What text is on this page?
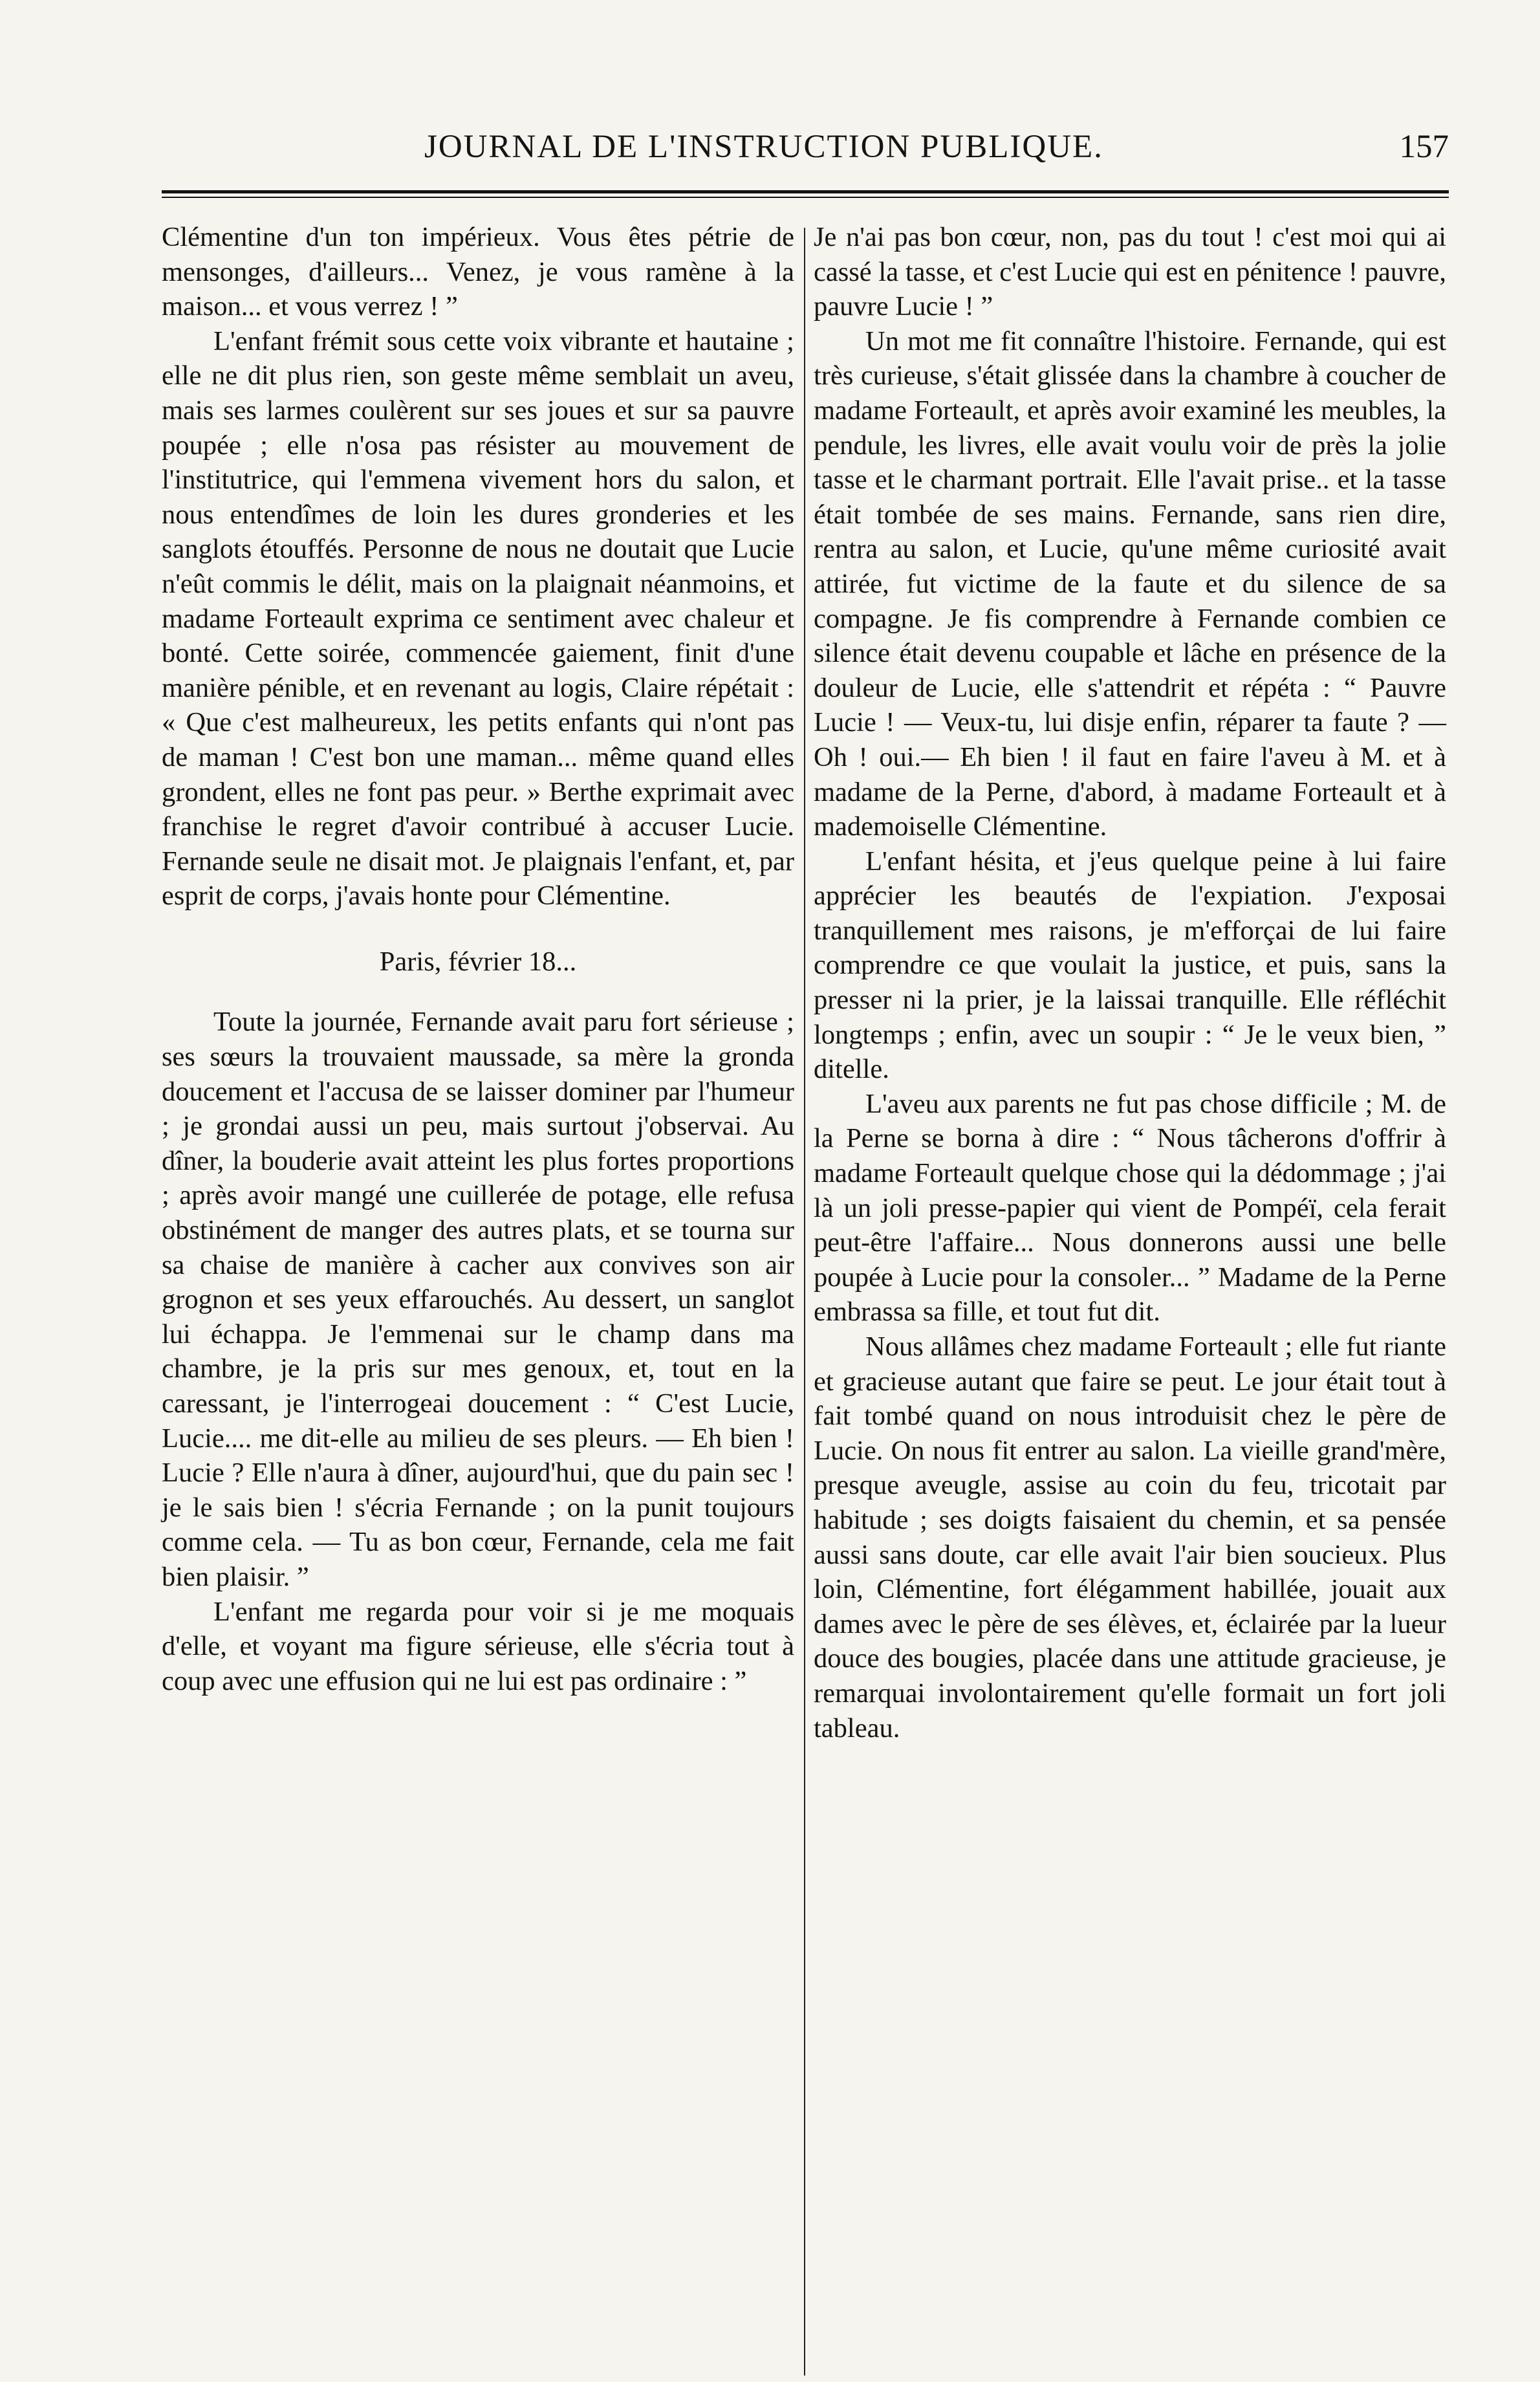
JOURNAL DE L'INSTRUCTION PUBLIQUE.	157

Clémentine d'un ton impérieux. Vous êtes pétrie de mensonges, d'ailleurs... Venez, je vous ramène à la maison... et vous verrez ! ”

L'enfant frémit sous cette voix vibrante et hautaine ; elle ne dit plus rien, son geste même semblait un aveu, mais ses larmes coulèrent sur ses joues et sur sa pauvre poupée ; elle n'osa pas résister au mouvement de l'institutrice, qui l'emmena vivement hors du salon, et nous entendîmes de loin les dures gronderies et les sanglots étouffés. Personne de nous ne doutait que Lucie n'eût commis le délit, mais on la plaignait néanmoins, et madame Forteault exprima ce sentiment avec chaleur et bonté. Cette soirée, commencée gaiement, finit d'une manière pénible, et en revenant au logis, Claire répétait : « Que c'est malheureux, les petits enfants qui n'ont pas de maman ! C'est bon une maman... même quand elles grondent, elles ne font pas peur. » Berthe exprimait avec franchise le regret d'avoir contribué à accuser Lucie. Fernande seule ne disait mot. Je plaignais l'enfant, et, par esprit de corps, j'avais honte pour Clémentine.

Paris, février 18...

Toute la journée, Fernande avait paru fort sérieuse ; ses sœurs la trouvaient maussade, sa mère la gronda doucement et l'accusa de se laisser dominer par l'humeur ; je grondai aussi un peu, mais surtout j'observai. Au dîner, la bouderie avait atteint les plus fortes proportions ; après avoir mangé une cuillerée de potage, elle refusa obstinément de manger des autres plats, et se tourna sur sa chaise de manière à cacher aux convives son air grognon et ses yeux effarouchés. Au dessert, un sanglot lui échappa. Je l'emmenai sur le champ dans ma chambre, je la pris sur mes genoux, et, tout en la caressant, je l'interrogeai doucement : “ C'est Lucie, Lucie.... me dit-elle au milieu de ses pleurs. — Eh bien ! Lucie ? Elle n'aura à dîner, aujourd'hui, que du pain sec ! je le sais bien ! s'écria Fernande ; on la punit toujours comme cela. — Tu as bon cœur, Fernande, cela me fait bien plaisir. ”

L'enfant me regarda pour voir si je me moquais d'elle, et voyant ma figure sérieuse, elle s'écria tout à coup avec une effusion qui ne lui est pas ordinaire : ”

Je n'ai pas bon cœur, non, pas du tout ! c'est moi qui ai cassé la tasse, et c'est Lucie qui est en pénitence ! pauvre, pauvre Lucie ! ”

Un mot me fit connaître l'histoire. Fernande, qui est très curieuse, s'était glissée dans la chambre à coucher de madame Forteault, et après avoir examiné les meubles, la pendule, les livres, elle avait voulu voir de près la jolie tasse et le charmant portrait. Elle l'avait prise.. et la tasse était tombée de ses mains. Fernande, sans rien dire, rentra au salon, et Lucie, qu'une même curiosité avait attirée, fut victime de la faute et du silence de sa compagne. Je fis comprendre à Fernande combien ce silence était devenu coupable et lâche en présence de la douleur de Lucie, elle s'attendrit et répéta : “ Pauvre Lucie ! — Veux-tu, lui disje enfin, réparer ta faute ? — Oh ! oui.— Eh bien ! il faut en faire l'aveu à M. et à madame de la Perne, d'abord, à madame Forteault et à mademoiselle Clémentine.

L'enfant hésita, et j'eus quelque peine à lui faire apprécier les beautés de l'expiation. J'exposai tranquillement mes raisons, je m'efforçai de lui faire comprendre ce que voulait la justice, et puis, sans la presser ni la prier, je la laissai tranquille. Elle réfléchit longtemps ; enfin, avec un soupir : “ Je le veux bien, ” ditelle.

L'aveu aux parents ne fut pas chose difficile ; M. de la Perne se borna à dire : “ Nous tâcherons d'offrir à madame Forteault quelque chose qui la dédommage ; j'ai là un joli presse-papier qui vient de Pompéï, cela ferait peut-être l'affaire... Nous donnerons aussi une belle poupée à Lucie pour la consoler... ” Madame de la Perne embrassa sa fille, et tout fut dit.

Nous allâmes chez madame Forteault ; elle fut riante et gracieuse autant que faire se peut. Le jour était tout à fait tombé quand on nous introduisit chez le père de Lucie. On nous fit entrer au salon. La vieille grand'mère, presque aveugle, assise au coin du feu, tricotait par habitude ; ses doigts faisaient du chemin, et sa pensée aussi sans doute, car elle avait l'air bien soucieux. Plus loin, Clémentine, fort élégamment habillée, jouait aux dames avec le père de ses élèves, et, éclairée par la lueur douce des bougies, placée dans une attitude gracieuse, je remarquai involontairement qu'elle formait un fort joli tableau.
